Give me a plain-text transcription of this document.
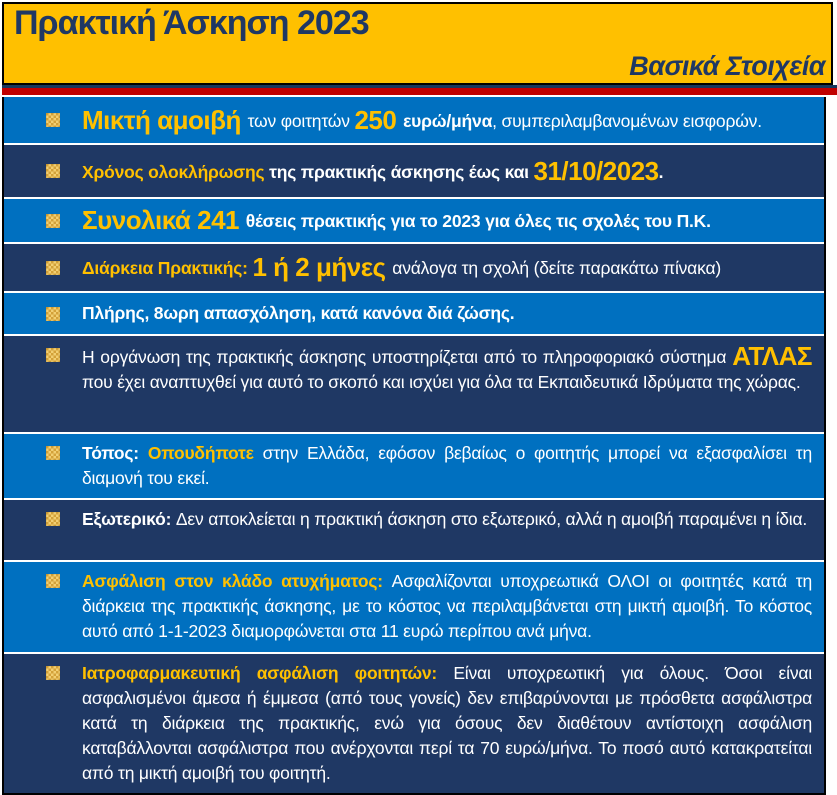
Πρακτική Άσκηση 2023
Βασικά Στοιχεία

Μικτή αμοιβή των φοιτητών 250 ευρώ/μήνα, συμπεριλαμβανομένων εισφορών.

Χρόνος ολοκλήρωσης της πρακτικής άσκησης έως και 31/10/2023.

Συνολικά 241 θέσεις πρακτικής για το 2023 για όλες τις σχολές του Π.Κ.

Διάρκεια Πρακτικής: 1 ή 2 μήνες ανάλογα τη σχολή (δείτε παρακάτω πίνακα)

Πλήρης, 8ωρη απασχόληση, κατά κανόνα διά ζώσης.

Η οργάνωση της πρακτικής άσκησης υποστηρίζεται από το πληροφοριακό σύστημα ΑΤΛΑΣ που έχει αναπτυχθεί για αυτό το σκοπό και ισχύει για όλα τα Εκπαιδευτικά Ιδρύματα της χώρας.

Τόπος: Οπουδήποτε στην Ελλάδα, εφόσον βεβαίως ο φοιτητής μπορεί να εξασφαλίσει τη διαμονή του εκεί.

Εξωτερικό: Δεν αποκλείεται η πρακτική άσκηση στο εξωτερικό, αλλά η αμοιβή παραμένει η ίδια.

Ασφάλιση στον κλάδο ατυχήματος: Ασφαλίζονται υποχρεωτικά ΟΛΟΙ οι φοιτητές κατά τη διάρκεια της πρακτικής άσκησης, με το κόστος να περιλαμβάνεται στη μικτή αμοιβή. Το κόστος αυτό από 1-1-2023 διαμορφώνεται στα 11 ευρώ περίπου ανά μήνα.

Ιατροφαρμακευτική ασφάλιση φοιτητών: Είναι υποχρεωτική για όλους. Όσοι είναι ασφαλισμένοι άμεσα ή έμμεσα (από τους γονείς) δεν επιβαρύνονται με πρόσθετα ασφάλιστρα κατά τη διάρκεια της πρακτικής, ενώ για όσους δεν διαθέτουν αντίστοιχη ασφάλιση καταβάλλονται ασφάλιστρα που ανέρχονται περί τα 70 ευρώ/μήνα. Το ποσό αυτό κατακρατείται από τη μικτή αμοιβή του φοιτητή.
